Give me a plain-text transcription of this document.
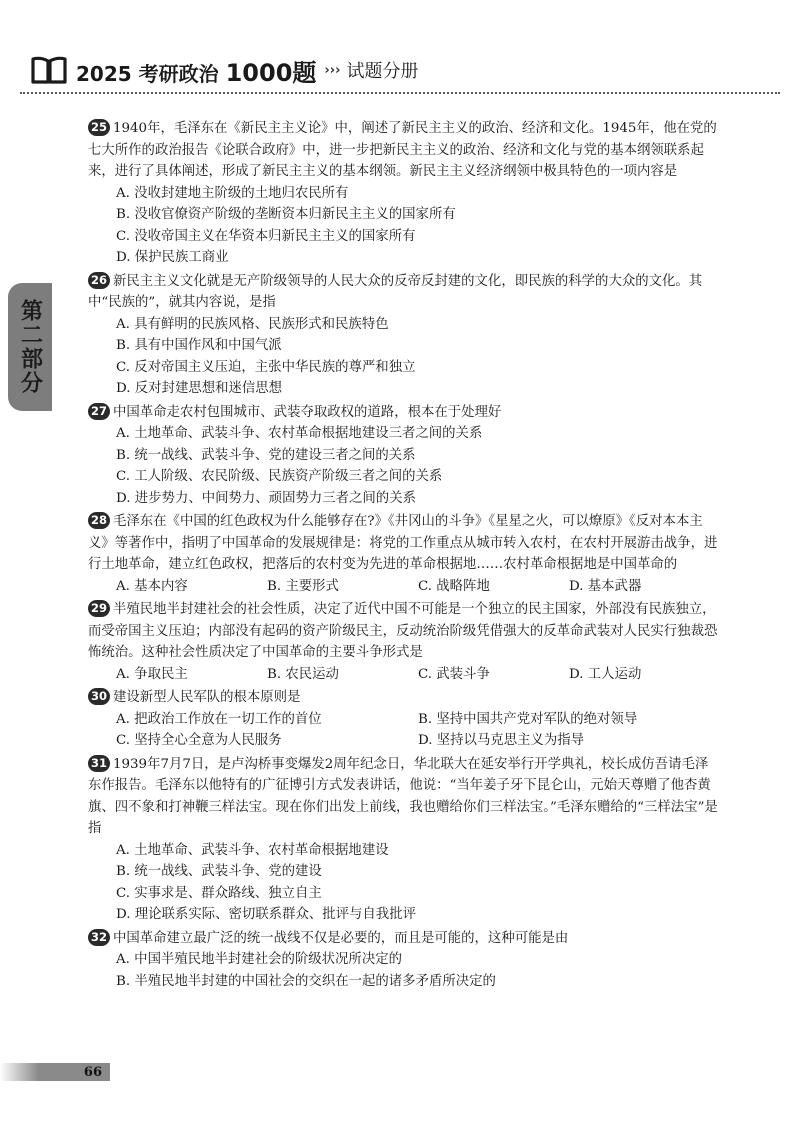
2025 考研政治 1000题 ››› 试题分册
第二部分
25 1940年，毛泽东在《新民主主义论》中，阐述了新民主主义的政治、经济和文化。1945年，他在党的七大所作的政治报告《论联合政府》中，进一步把新民主主义的政治、经济和文化与党的基本纲领联系起来，进行了具体阐述，形成了新民主主义的基本纲领。新民主主义经济纲领中极具特色的一项内容是
A. 没收封建地主阶级的土地归农民所有
B. 没收官僚资产阶级的垄断资本归新民主主义的国家所有
C. 没收帝国主义在华资本归新民主主义的国家所有
D. 保护民族工商业
26 新民主主义文化就是无产阶级领导的人民大众的反帝反封建的文化，即民族的科学的大众的文化。其中“民族的”，就其内容说，是指
A. 具有鲜明的民族风格、民族形式和民族特色
B. 具有中国作风和中国气派
C. 反对帝国主义压迫，主张中华民族的尊严和独立
D. 反对封建思想和迷信思想
27 中国革命走农村包围城市、武装夺取政权的道路，根本在于处理好
A. 土地革命、武装斗争、农村革命根据地建设三者之间的关系
B. 统一战线、武装斗争、党的建设三者之间的关系
C. 工人阶级、农民阶级、民族资产阶级三者之间的关系
D. 进步势力、中间势力、顽固势力三者之间的关系
28 毛泽东在《中国的红色政权为什么能够存在?》《井冈山的斗争》《星星之火，可以燎原》《反对本本主义》等著作中，指明了中国革命的发展规律是：将党的工作重点从城市转入农村，在农村开展游击战争，进行土地革命，建立红色政权，把落后的农村变为先进的革命根据地……农村革命根据地是中国革命的
A. 基本内容	B. 主要形式	C. 战略阵地	D. 基本武器
29 半殖民地半封建社会的社会性质，决定了近代中国不可能是一个独立的民主国家，外部没有民族独立，而受帝国主义压迫；内部没有起码的资产阶级民主，反动统治阶级凭借强大的反革命武装对人民实行独裁恐怖统治。这种社会性质决定了中国革命的主要斗争形式是
A. 争取民主	B. 农民运动	C. 武装斗争	D. 工人运动
30 建设新型人民军队的根本原则是
A. 把政治工作放在一切工作的首位	B. 坚持中国共产党对军队的绝对领导
C. 坚持全心全意为人民服务	D. 坚持以马克思主义为指导
31 1939年7月7日，是卢沟桥事变爆发2周年纪念日，华北联大在延安举行开学典礼，校长成仿吾请毛泽东作报告。毛泽东以他特有的广征博引方式发表讲话，他说：“当年姜子牙下昆仑山，元始天尊赠了他杏黄旗、四不象和打神鞭三样法宝。现在你们出发上前线，我也赠给你们三样法宝。”毛泽东赠给的“三样法宝”是指
A. 土地革命、武装斗争、农村革命根据地建设
B. 统一战线、武装斗争、党的建设
C. 实事求是、群众路线、独立自主
D. 理论联系实际、密切联系群众、批评与自我批评
32 中国革命建立最广泛的统一战线不仅是必要的，而且是可能的，这种可能是由
A. 中国半殖民地半封建社会的阶级状况所决定的
B. 半殖民地半封建的中国社会的交织在一起的诸多矛盾所决定的
66
